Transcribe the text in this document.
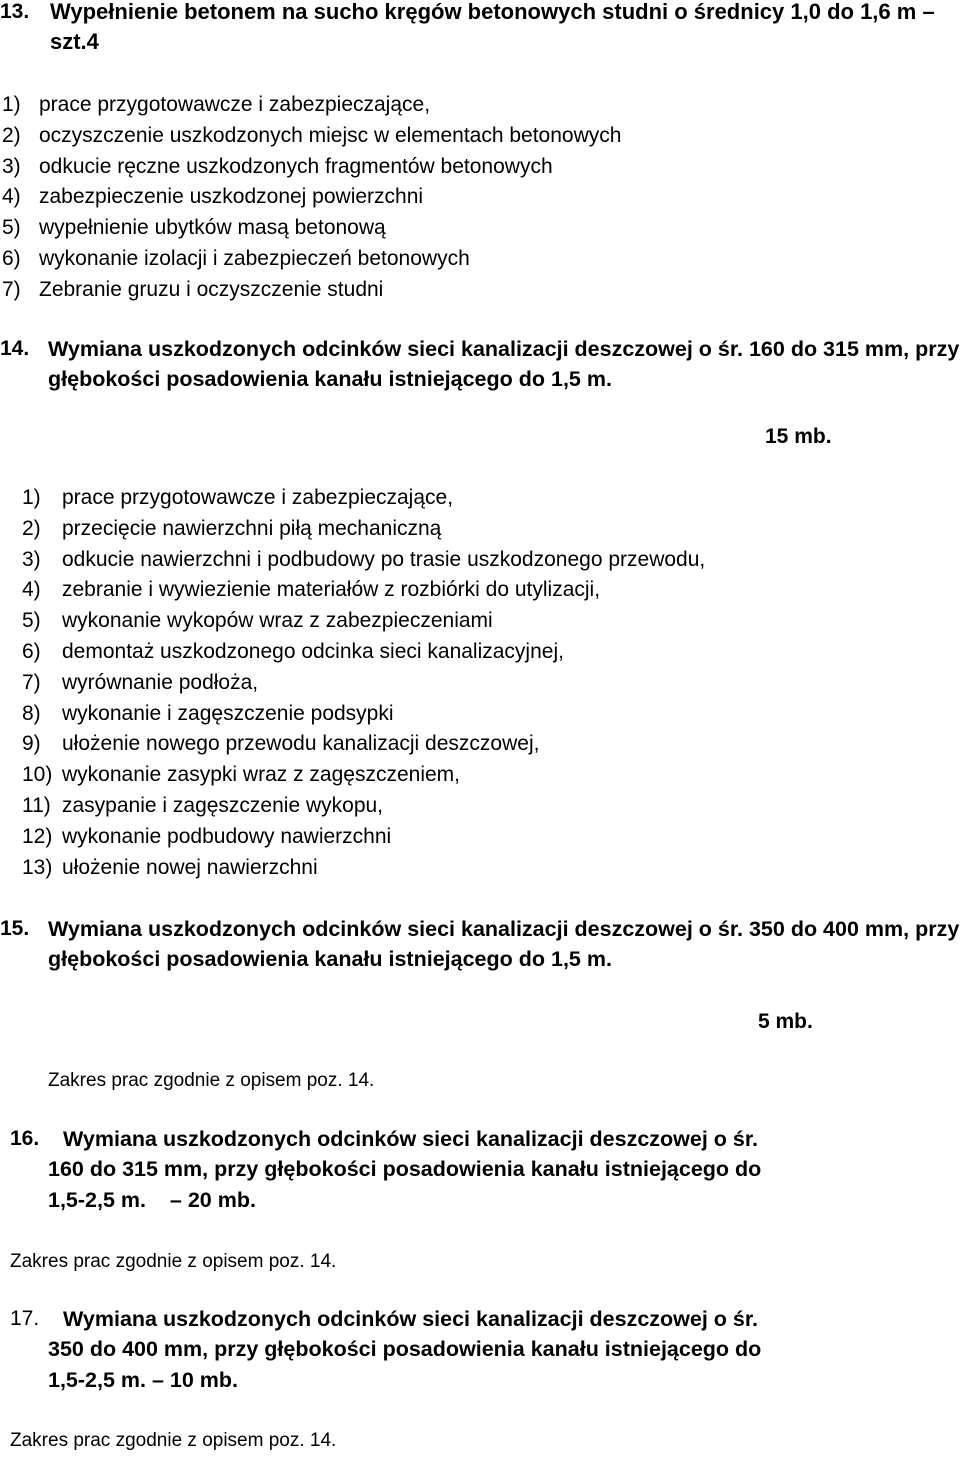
13. Wypełnienie betonem na sucho kręgów betonowych studni o średnicy 1,0 do 1,6 m –szt.4
1) prace przygotowawcze i zabezpieczające,
2) oczyszczenie uszkodzonych miejsc w elementach betonowych
3) odkucie ręczne uszkodzonych fragmentów betonowych
4) zabezpieczenie uszkodzonej powierzchni
5) wypełnienie ubytków masą betonową
6) wykonanie izolacji i zabezpieczeń betonowych
7) Zebranie gruzu i oczyszczenie studni
14. Wymiana uszkodzonych odcinków sieci kanalizacji deszczowej o śr. 160 do 315 mm, przy głębokości posadowienia kanału istniejącego do 1,5 m.
15 mb.
1) prace przygotowawcze i zabezpieczające,
2) przecięcie nawierzchni piłą mechaniczną
3) odkucie nawierzchni i podbudowy po trasie uszkodzonego przewodu,
4) zebranie i wywiezienie materiałów z rozbiórki do utylizacji,
5) wykonanie wykopów wraz z zabezpieczeniami
6) demontaż uszkodzonego odcinka sieci kanalizacyjnej,
7) wyrównanie podłoża,
8) wykonanie i zagęszczenie podsypki
9) ułożenie nowego przewodu kanalizacji deszczowej,
10) wykonanie zasypki wraz z zagęszczeniem,
11) zasypanie i zagęszczenie wykopu,
12) wykonanie podbudowy nawierzchni
13) ułożenie nowej nawierzchni
15. Wymiana uszkodzonych odcinków sieci kanalizacji deszczowej o śr. 350 do 400 mm, przy głębokości posadowienia kanału istniejącego do 1,5 m.
5 mb.
Zakres prac zgodnie z opisem poz. 14.
16. Wymiana uszkodzonych odcinków sieci kanalizacji deszczowej o śr.
160 do 315 mm, przy głębokości posadowienia kanału istniejącego do
1,5-2,5 m.    – 20 mb.
Zakres prac zgodnie z opisem poz. 14.
17. Wymiana uszkodzonych odcinków sieci kanalizacji deszczowej o śr.
350 do 400 mm, przy głębokości posadowienia kanału istniejącego do
1,5-2,5 m. – 10 mb.
Zakres prac zgodnie z opisem poz. 14.
